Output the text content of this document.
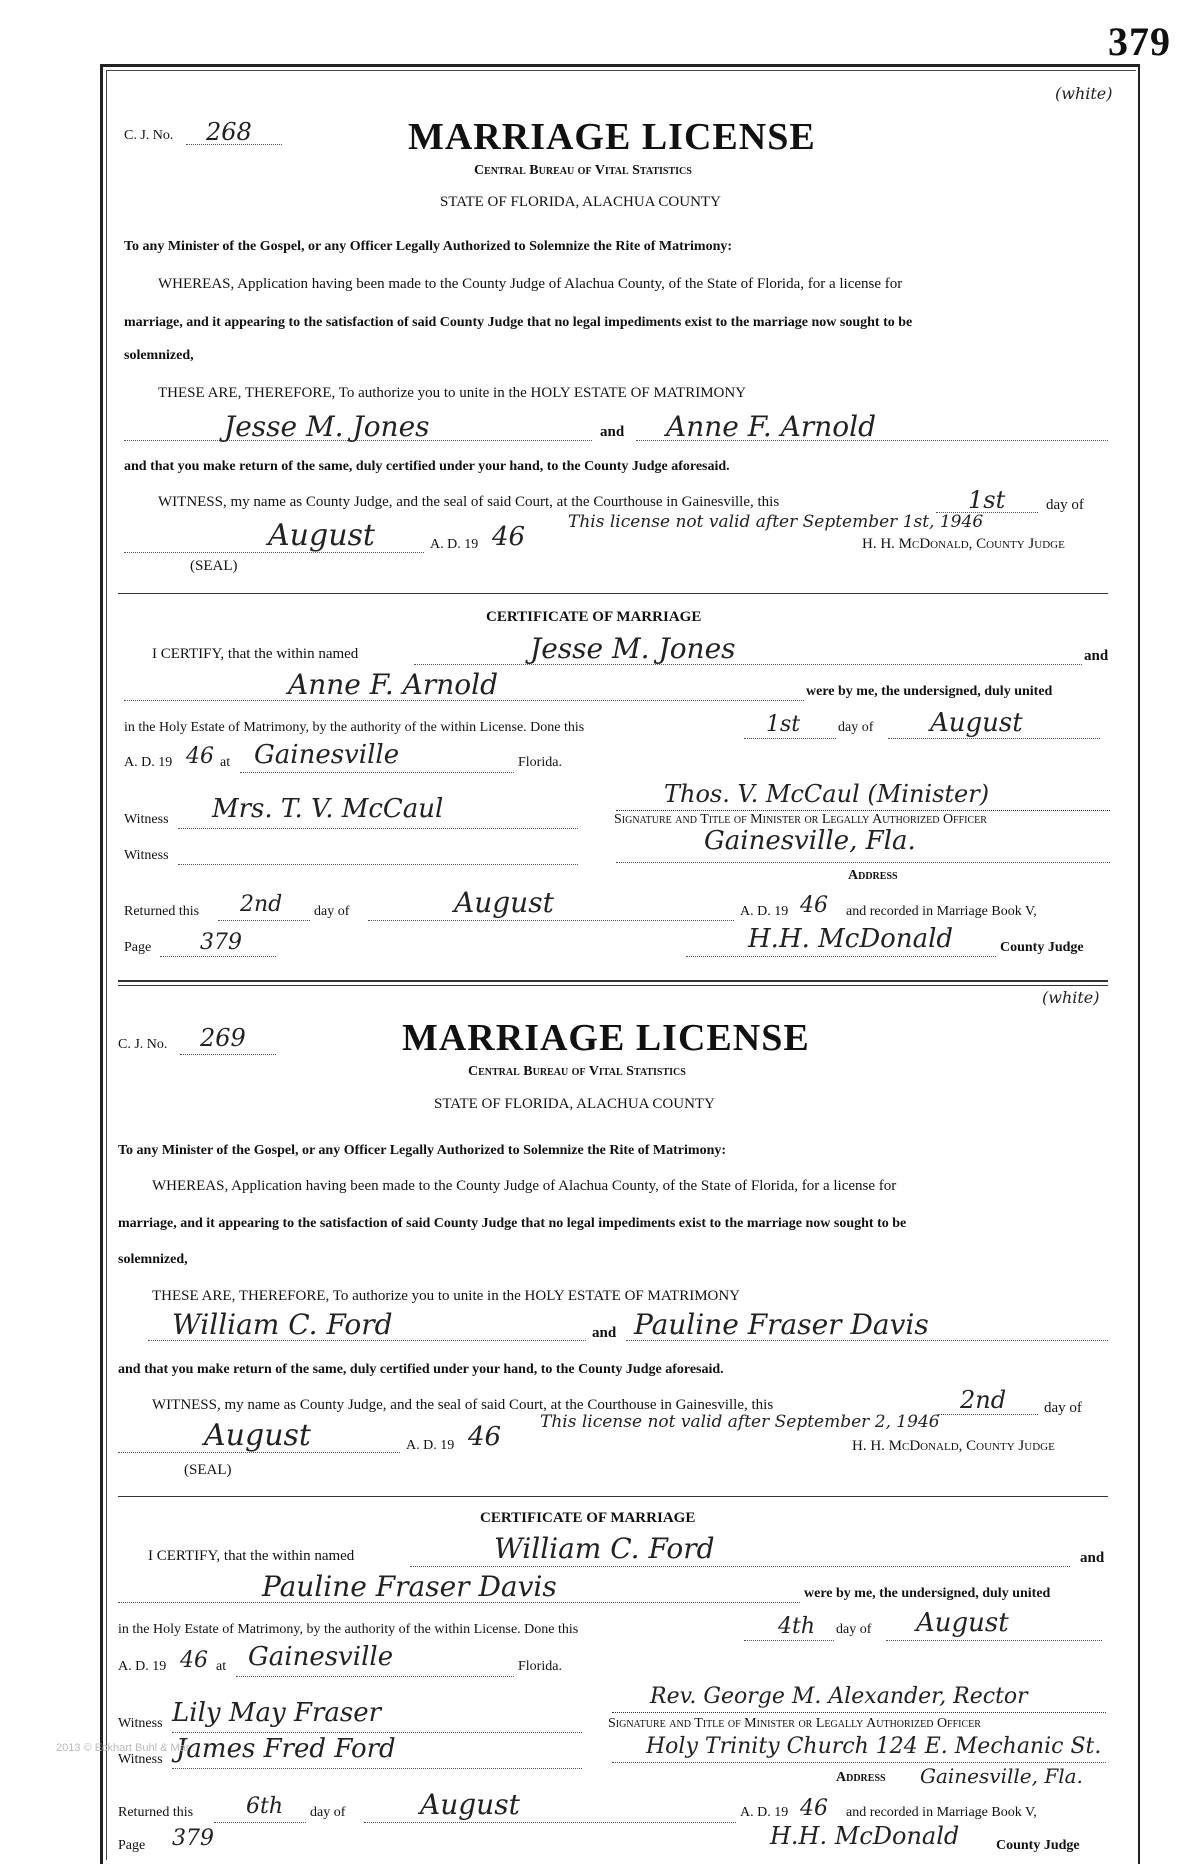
379
(white)
C. J. No. 268	MARRIAGE LICENSE
Central Bureau of Vital Statistics
STATE OF FLORIDA, ALACHUA COUNTY
To any Minister of the Gospel, or any Officer Legally Authorized to Solemnize the Rite of Matrimony:
WHEREAS, Application having been made to the County Judge of Alachua County, of the State of Florida, for a license for
marriage, and it appearing to the satisfaction of said County Judge that no legal impediments exist to the marriage now sought to be
solemnized,
THESE ARE, THEREFORE, To authorize you to unite in the HOLY ESTATE OF MATRIMONY
Jesse M. Jones	and Anne F. Arnold
and that you make return of the same, duly certified under your hand, to the County Judge aforesaid.
WITNESS, my name as County Judge, and the seal of said Court, at the Courthouse in Gainesville, this	1st	day of
This license not valid after September 1st, 1946
August	A. D. 19 46	H. H. McDonald, County Judge
(SEAL)
CERTIFICATE OF MARRIAGE
I CERTIFY, that the within named	Jesse M. Jones	and
Anne F. Arnold	were by me, the undersigned, duly united
in the Holy Estate of Matrimony, by the authority of the within License. Done this	1st	day of August
A. D. 19 46 at Gainesville	Florida.
Thos. V. McCaul (Minister)
Witness Mrs. T. V. McCaul	Signature and Title of Minister or Legally Authorized Officer
Witness	Gainesville, Fla.
Address
Returned this 2nd day of	August	A. D. 19 46 and recorded in Marriage Book V,
Page 379	H.H. McDonald	County Judge
(white)
C. J. No. 269	MARRIAGE LICENSE
Central Bureau of Vital Statistics
STATE OF FLORIDA, ALACHUA COUNTY
To any Minister of the Gospel, or any Officer Legally Authorized to Solemnize the Rite of Matrimony:
WHEREAS, Application having been made to the County Judge of Alachua County, of the State of Florida, for a license for
marriage, and it appearing to the satisfaction of said County Judge that no legal impediments exist to the marriage now sought to be
solemnized,
THESE ARE, THEREFORE, To authorize you to unite in the HOLY ESTATE OF MATRIMONY
William C. Ford	and Pauline Fraser Davis
and that you make return of the same, duly certified under your hand, to the County Judge aforesaid.
WITNESS, my name as County Judge, and the seal of said Court, at the Courthouse in Gainesville, this	2nd	day of
This license not valid after September 2, 1946
August	A. D. 19 46	H. H. McDonald, County Judge
(SEAL)
CERTIFICATE OF MARRIAGE
I CERTIFY, that the within named	William C. Ford	and
Pauline Fraser Davis	were by me, the undersigned, duly united
in the Holy Estate of Matrimony, by the authority of the within License. Done this	4th day of August
A. D. 19 46 at Gainesville	Florida.
Rev. George M. Alexander, Rector
Witness Lily May Fraser	Signature and Title of Minister or Legally Authorized Officer
Witness James Fred Ford	Holy Trinity Church 124 E. Mechanic St.
Address Gainesville, Fla.
Returned this 6th day of	August	A. D. 19 46 and recorded in Marriage Book V,
Page 379	H.H. McDonald	County Judge
2013 © Eckhart Buhl & Mar...
